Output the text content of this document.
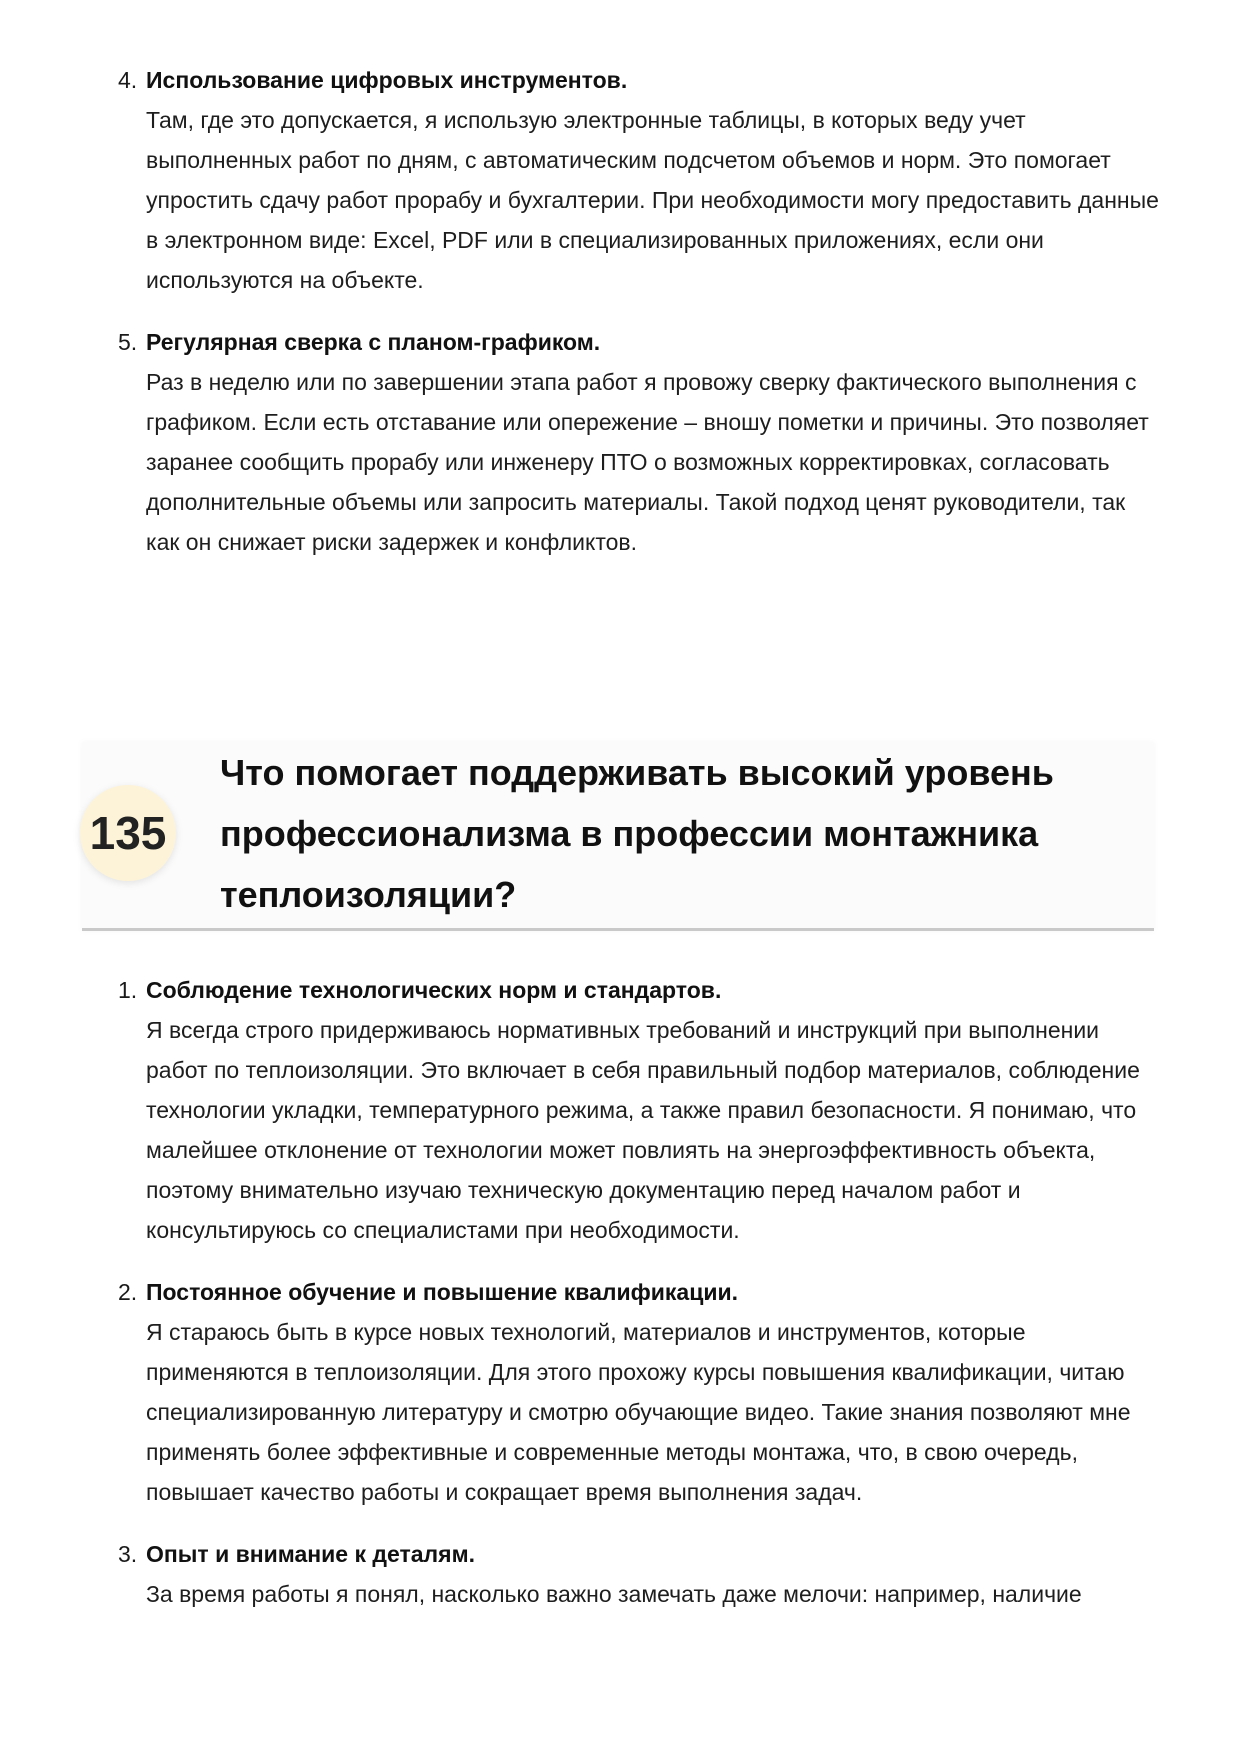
4. Использование цифровых инструментов.
Там, где это допускается, я использую электронные таблицы, в которых веду учет выполненных работ по дням, с автоматическим подсчетом объемов и норм. Это помогает упростить сдачу работ прорабу и бухгалтерии. При необходимости могу предоставить данные в электронном виде: Excel, PDF или в специализированных приложениях, если они используются на объекте.
5. Регулярная сверка с планом-графиком.
Раз в неделю или по завершении этапа работ я провожу сверку фактического выполнения с графиком. Если есть отставание или опережение – вношу пометки и причины. Это позволяет заранее сообщить прорабу или инженеру ПТО о возможных корректировках, согласовать дополнительные объемы или запросить материалы. Такой подход ценят руководители, так как он снижает риски задержек и конфликтов.
135
Что помогает поддерживать высокий уровень профессионализма в профессии монтажника теплоизоляции?
1. Соблюдение технологических норм и стандартов.
Я всегда строго придерживаюсь нормативных требований и инструкций при выполнении работ по теплоизоляции. Это включает в себя правильный подбор материалов, соблюдение технологии укладки, температурного режима, а также правил безопасности. Я понимаю, что малейшее отклонение от технологии может повлиять на энергоэффективность объекта, поэтому внимательно изучаю техническую документацию перед началом работ и консультируюсь со специалистами при необходимости.
2. Постоянное обучение и повышение квалификации.
Я стараюсь быть в курсе новых технологий, материалов и инструментов, которые применяются в теплоизоляции. Для этого прохожу курсы повышения квалификации, читаю специализированную литературу и смотрю обучающие видео. Такие знания позволяют мне применять более эффективные и современные методы монтажа, что, в свою очередь, повышает качество работы и сокращает время выполнения задач.
3. Опыт и внимание к деталям.
За время работы я понял, насколько важно замечать даже мелочи: например, наличие
